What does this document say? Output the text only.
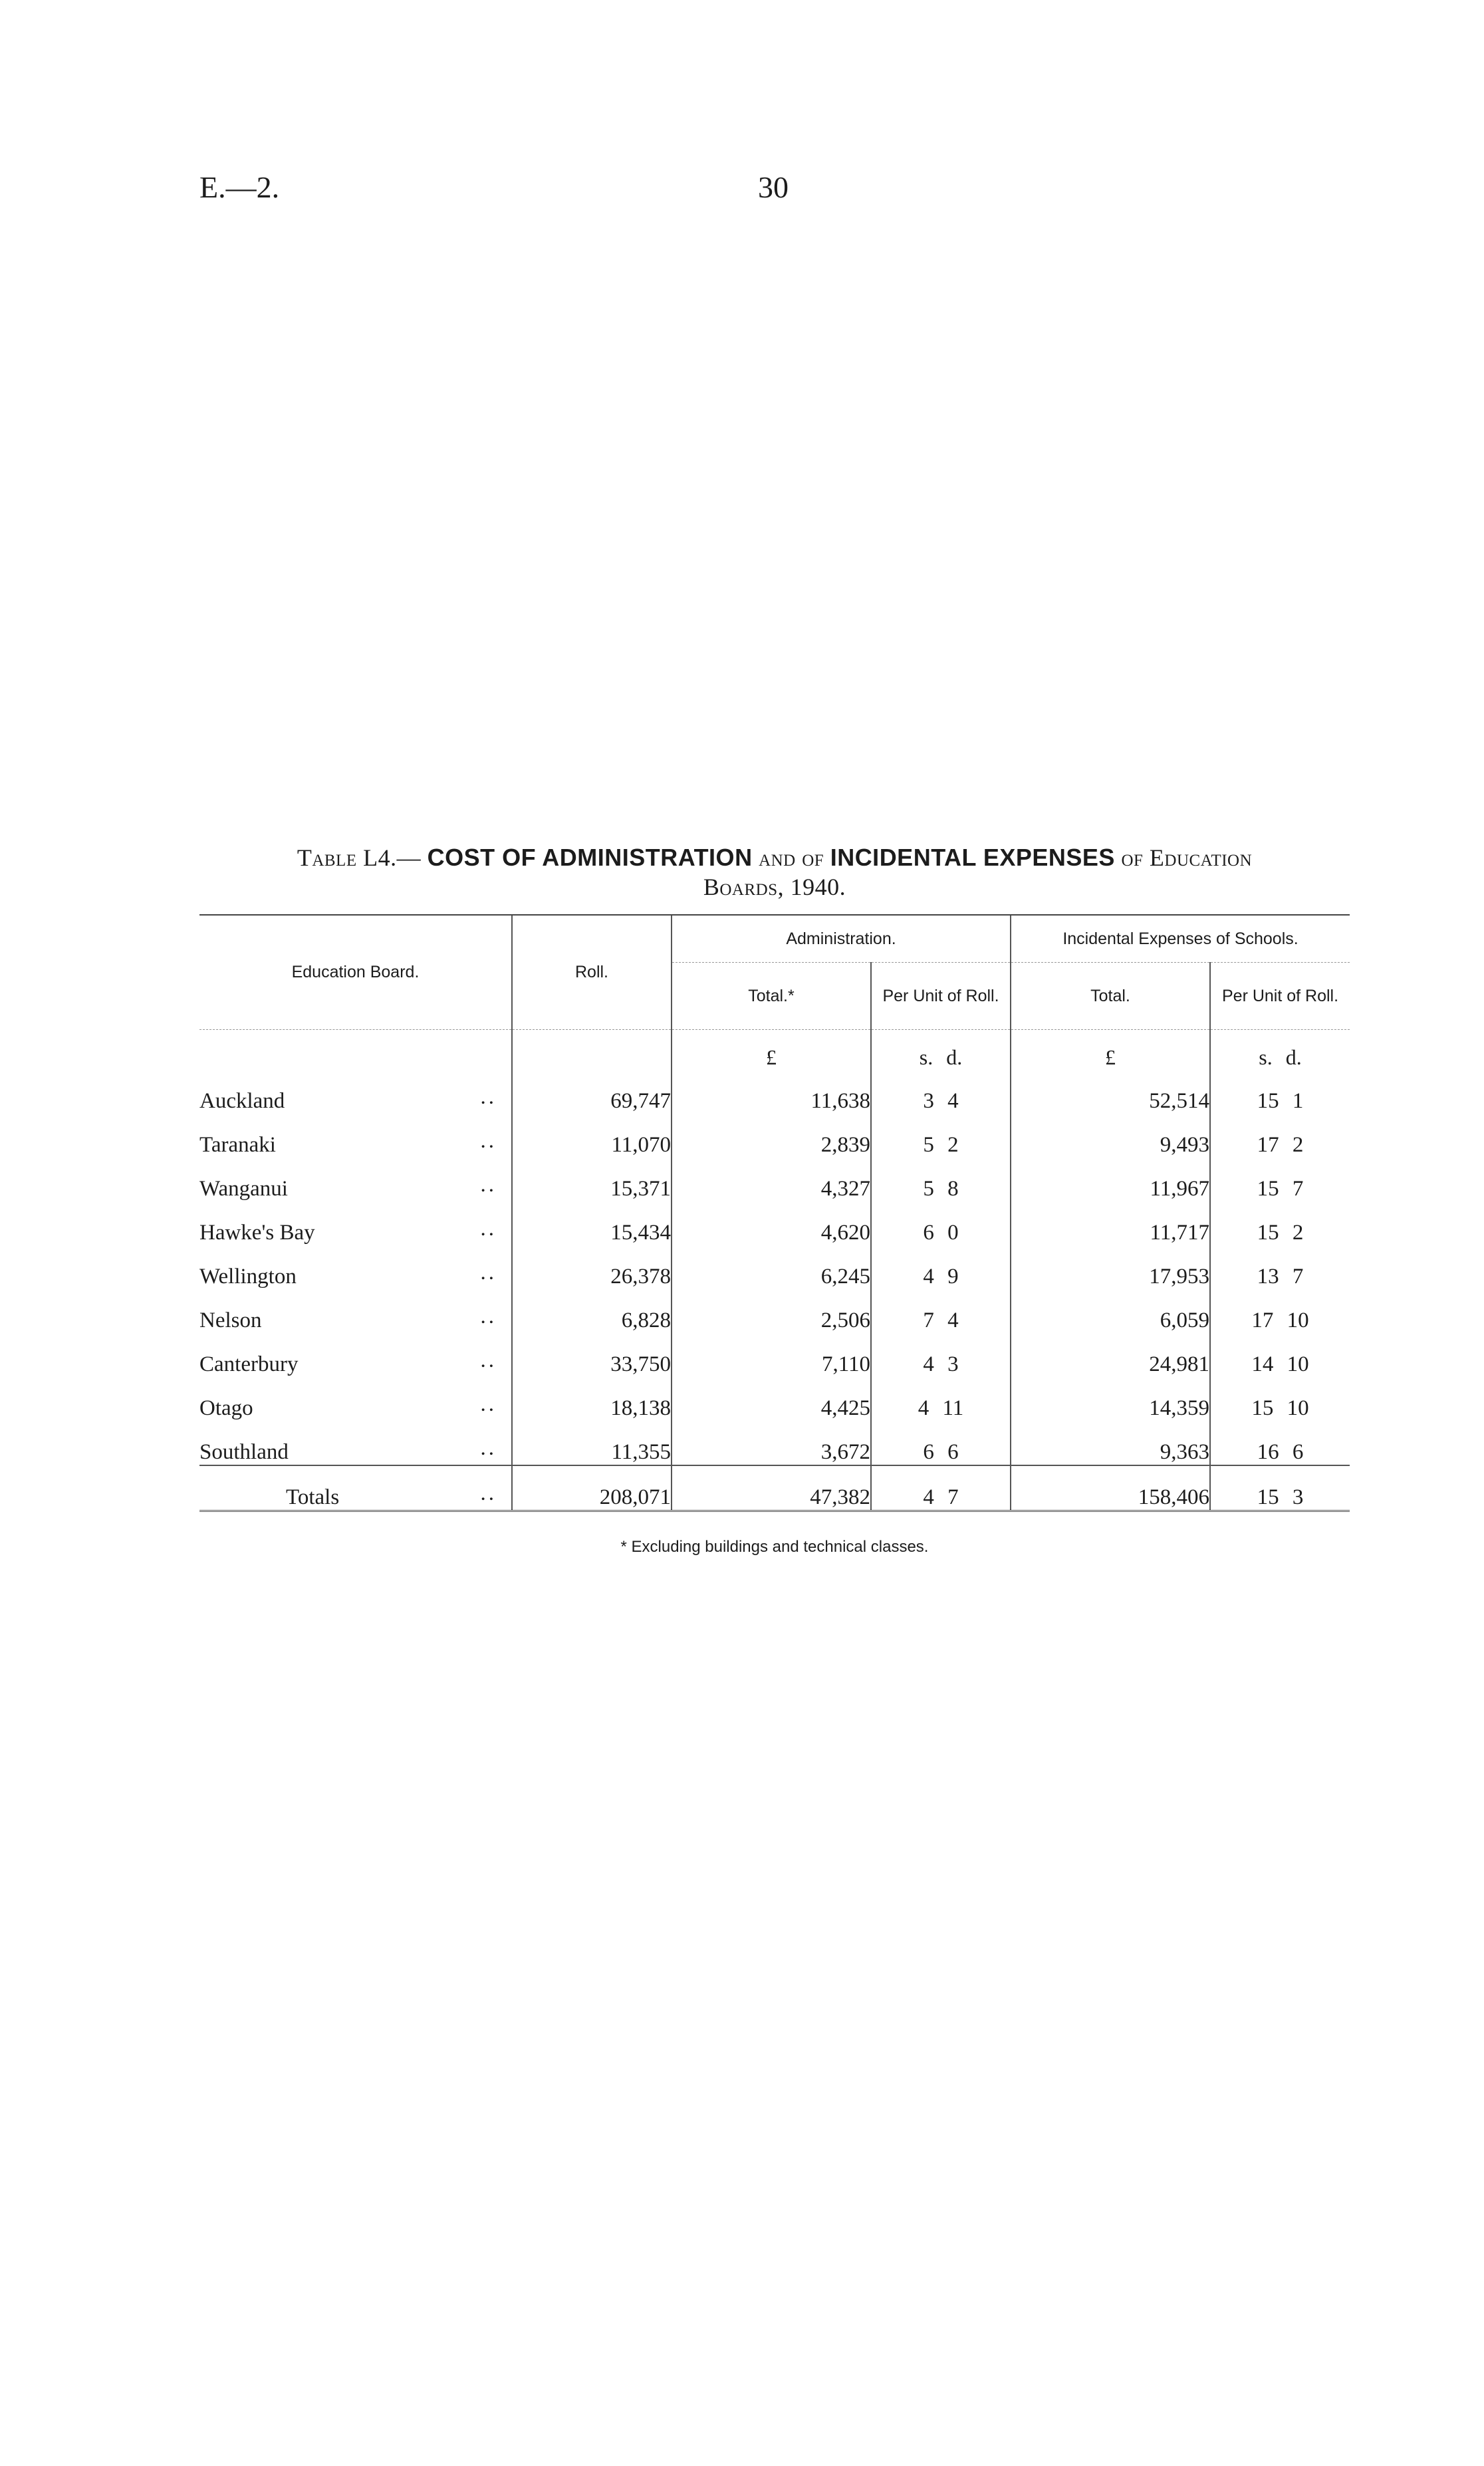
E.—2.	30
Table L4.— COST OF ADMINISTRATION and of INCIDENTAL EXPENSES of Education
Boards, 1940.
Education Board.	Roll.	Administration.		Incidental Expenses of Schools.	
		Total.*	Per Unit of Roll.	Total.	Per Unit of Roll.
		£	s. d.	£	s. d.
Auckland ..	69,747	11,638	3 4	52,514	15 1
Taranaki ..	11,070	2,839	5 2	9,493	17 2
Wanganui ..	15,371	4,327	5 8	11,967	15 7
Hawke's Bay ..	15,434	4,620	6 0	11,717	15 2
Wellington ..	26,378	6,245	4 9	17,953	13 7
Nelson ..	6,828	2,506	7 4	6,059	17 10
Canterbury ..	33,750	7,110	4 3	24,981	14 10
Otago ..	18,138	4,425	4 11	14,359	15 10
Southland ..	11,355	3,672	6 6	9,363	16 6
Totals ..	208,071	47,382	4 7	158,406	15 3
* Excluding buildings and technical classes.
